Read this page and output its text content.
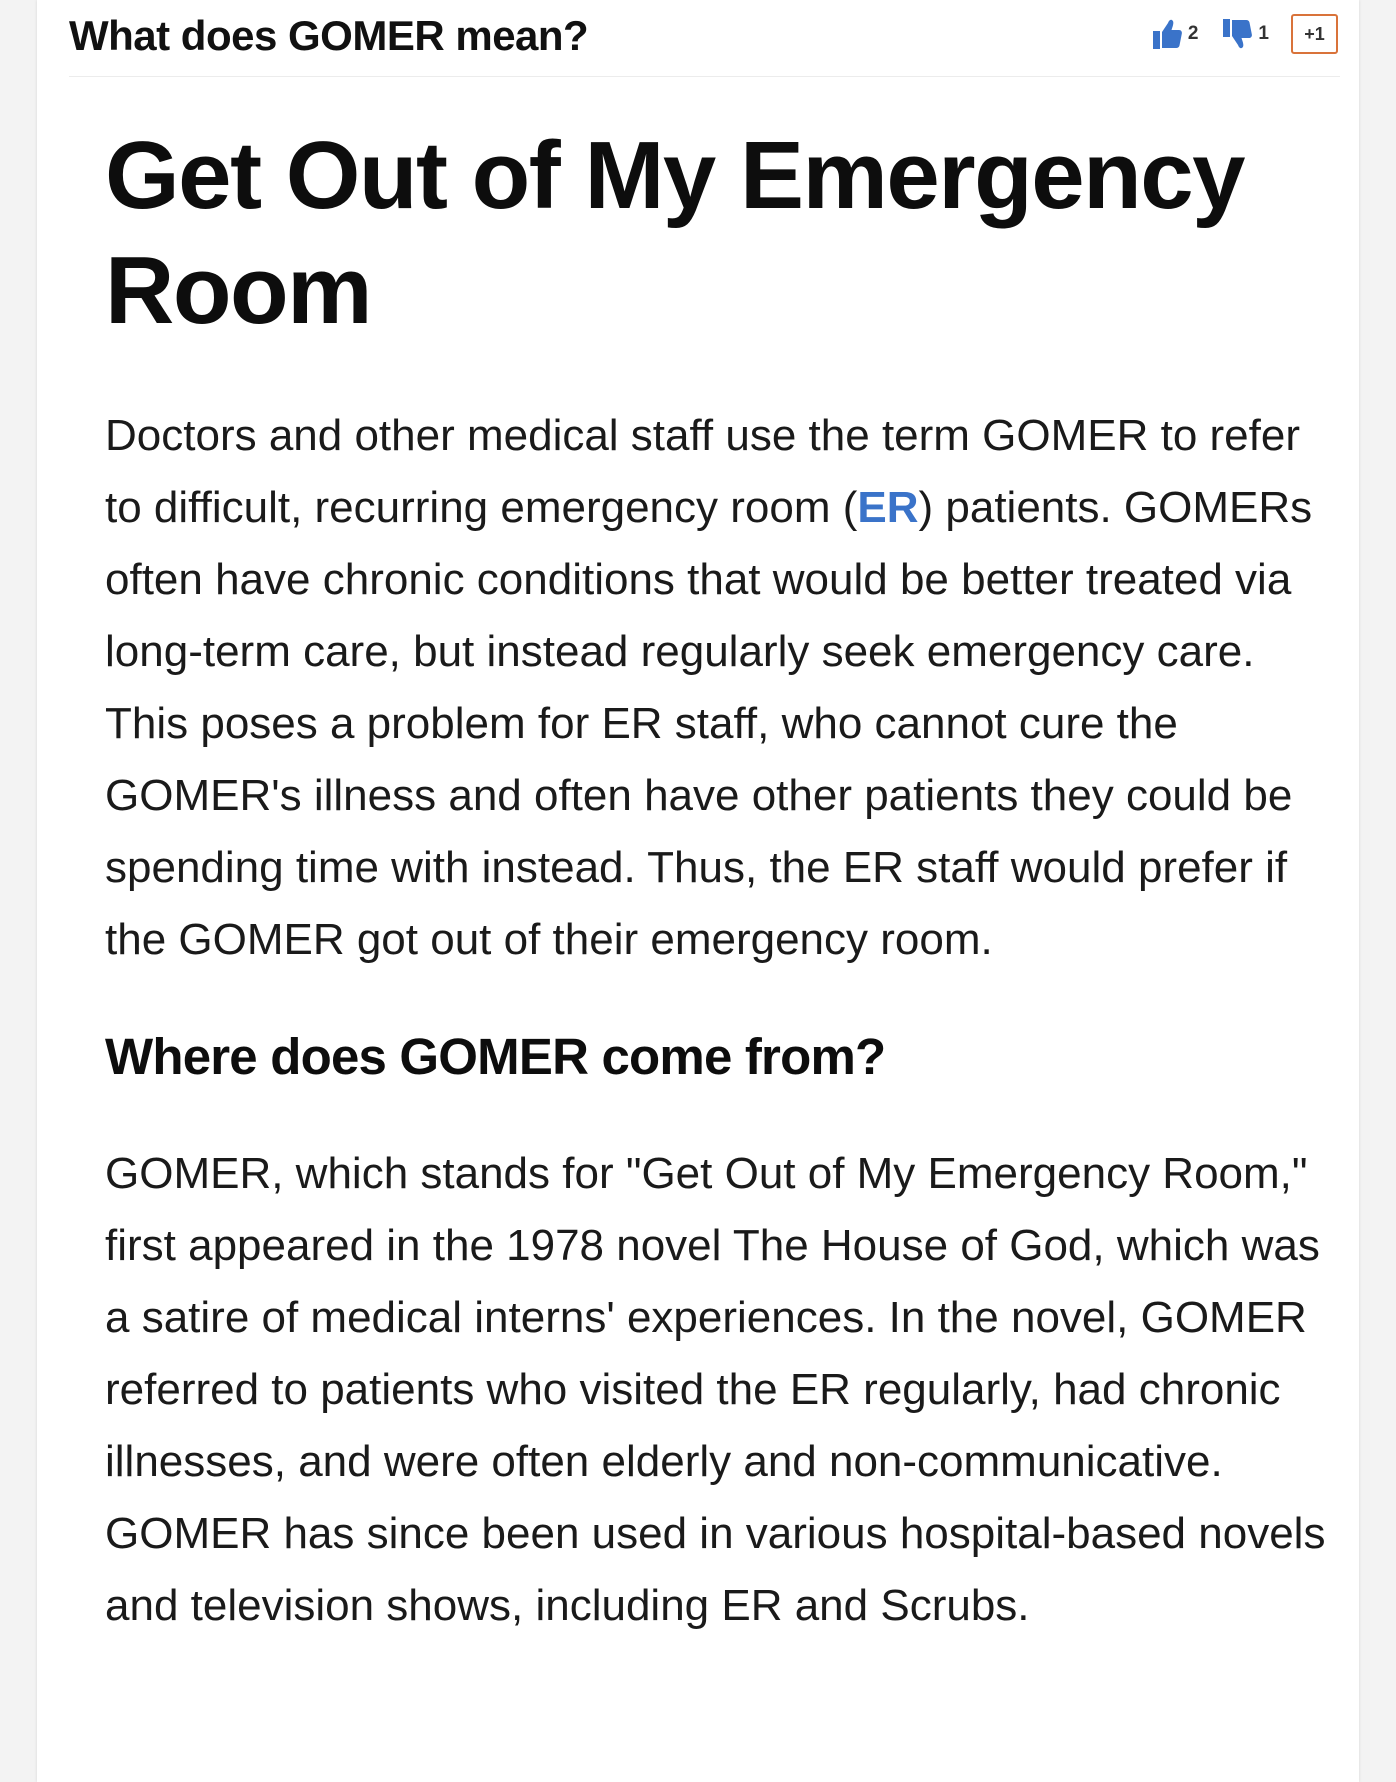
What does GOMER mean?	2	1	+1
Get Out of My Emergency Room

Doctors and other medical staff use the term GOMER to refer to difficult, recurring emergency room (ER) patients. GOMERs often have chronic conditions that would be better treated via long-term care, but instead regularly seek emergency care. This poses a problem for ER staff, who cannot cure the GOMER's illness and often have other patients they could be spending time with instead. Thus, the ER staff would prefer if the GOMER got out of their emergency room.

Where does GOMER come from?

GOMER, which stands for "Get Out of My Emergency Room," first appeared in the 1978 novel The House of God, which was a satire of medical interns' experiences. In the novel, GOMER referred to patients who visited the ER regularly, had chronic illnesses, and were often elderly and non-communicative. GOMER has since been used in various hospital-based novels and television shows, including ER and Scrubs.
